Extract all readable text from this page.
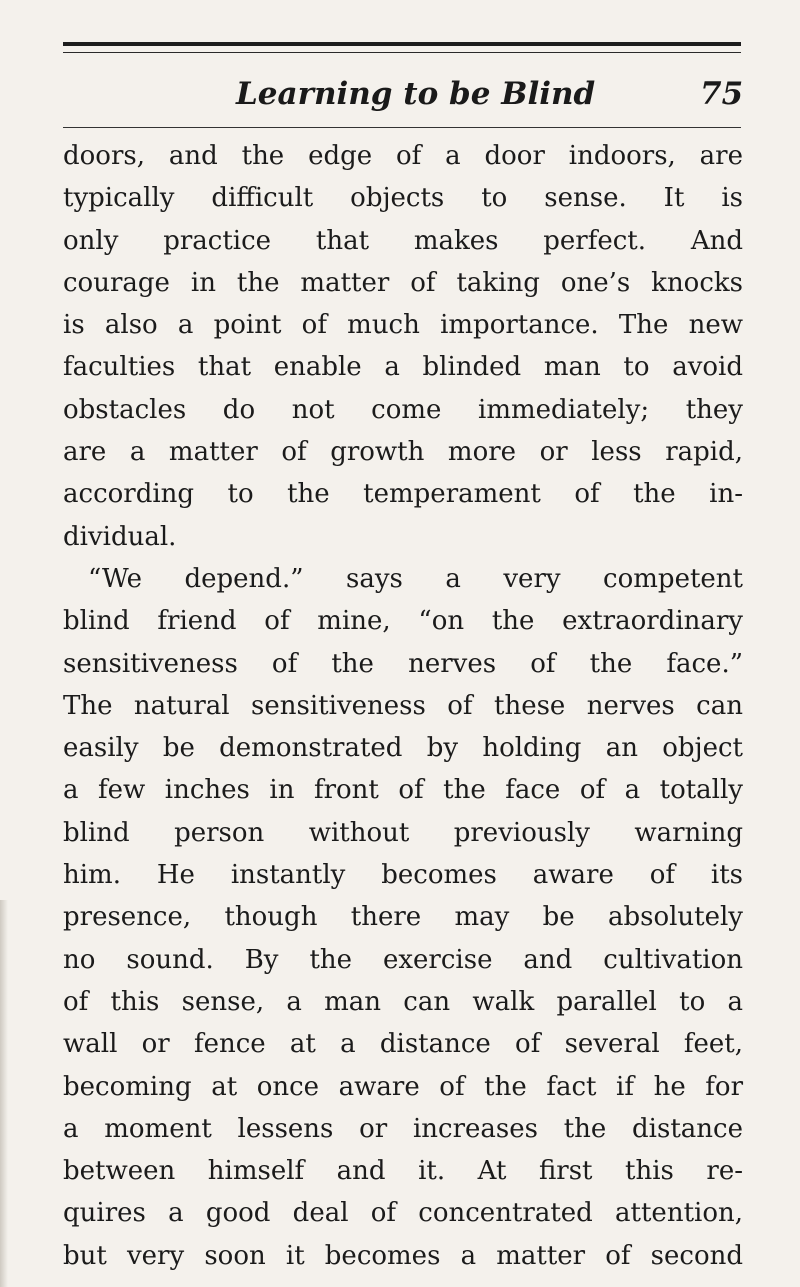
Learning to be Blind	75
doors, and the edge of a door indoors, are
typically difficult objects to sense. It is
only practice that makes perfect. And
courage in the matter of taking one’s knocks
is also a point of much importance. The new
faculties that enable a blinded man to avoid
obstacles do not come immediately; they
are a matter of growth more or less rapid,
according to the temperament of the in-
dividual.
“We depend.” says a very competent
blind friend of mine, “on the extraordinary
sensitiveness of the nerves of the face.”
The natural sensitiveness of these nerves can
easily be demonstrated by holding an object
a few inches in front of the face of a totally
blind person without previously warning
him. He instantly becomes aware of its
presence, though there may be absolutely
no sound. By the exercise and cultivation
of this sense, a man can walk parallel to a
wall or fence at a distance of several feet,
becoming at once aware of the fact if he for
a moment lessens or increases the distance
between himself and it. At first this re-
quires a good deal of concentrated attention,
but very soon it becomes a matter of second
